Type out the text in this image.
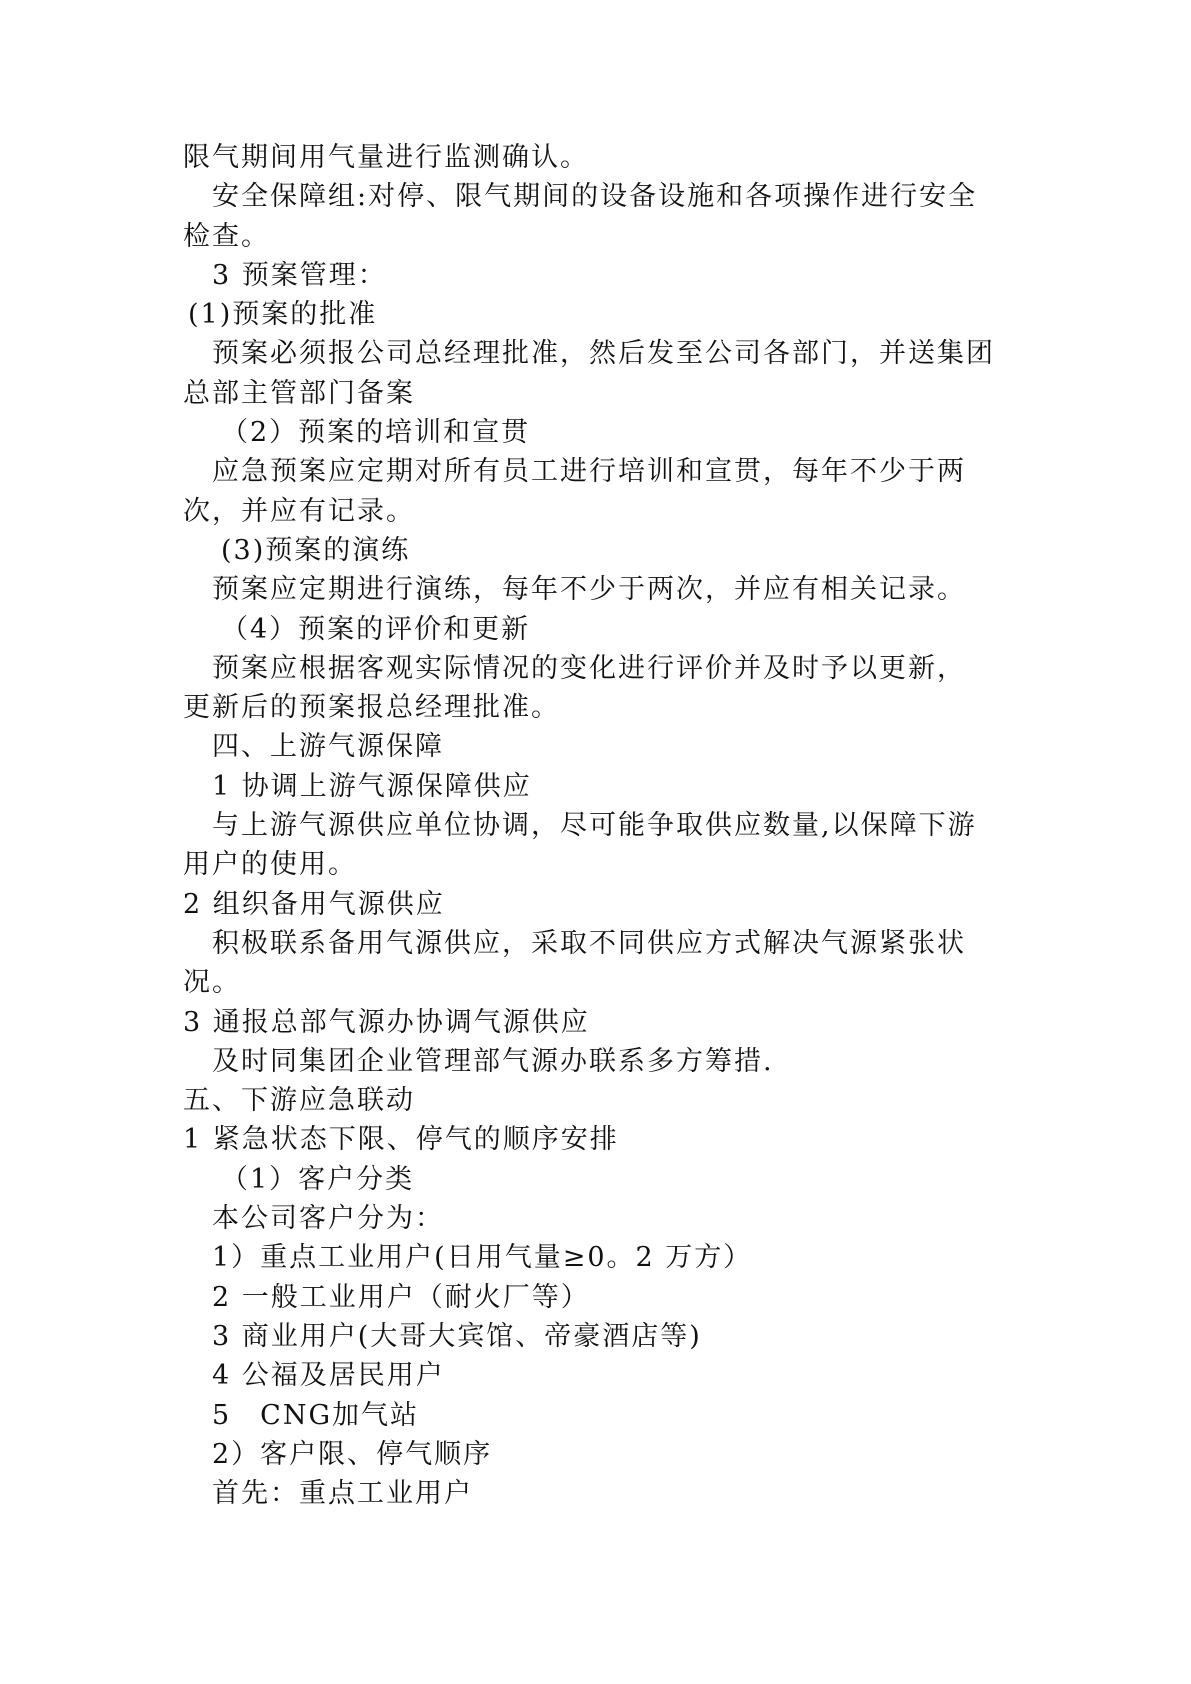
限气期间用气量进行监测确认。
安全保障组:对停、限气期间的设备设施和各项操作进行安全
检查。
3 预案管理：
(1)预案的批准
预案必须报公司总经理批准，然后发至公司各部门，并送集团
总部主管部门备案
（2）预案的培训和宣贯
应急预案应定期对所有员工进行培训和宣贯，每年不少于两
次，并应有记录。
(3)预案的演练
预案应定期进行演练，每年不少于两次，并应有相关记录。
（4）预案的评价和更新
预案应根据客观实际情况的变化进行评价并及时予以更新，
更新后的预案报总经理批准。
四、上游气源保障
1 协调上游气源保障供应
与上游气源供应单位协调，尽可能争取供应数量,以保障下游
用户的使用。
2 组织备用气源供应
积极联系备用气源供应，采取不同供应方式解决气源紧张状
况。
3 通报总部气源办协调气源供应
及时同集团企业管理部气源办联系多方筹措.
五、下游应急联动
1 紧急状态下限、停气的顺序安排
（1）客户分类
本公司客户分为：
1）重点工业用户(日用气量≥0。2 万方）
2 一般工业用户（耐火厂等）
3 商业用户(大哥大宾馆、帝豪酒店等)
4 公福及居民用户
5　CNG加气站
2）客户限、停气顺序
首先：重点工业用户
